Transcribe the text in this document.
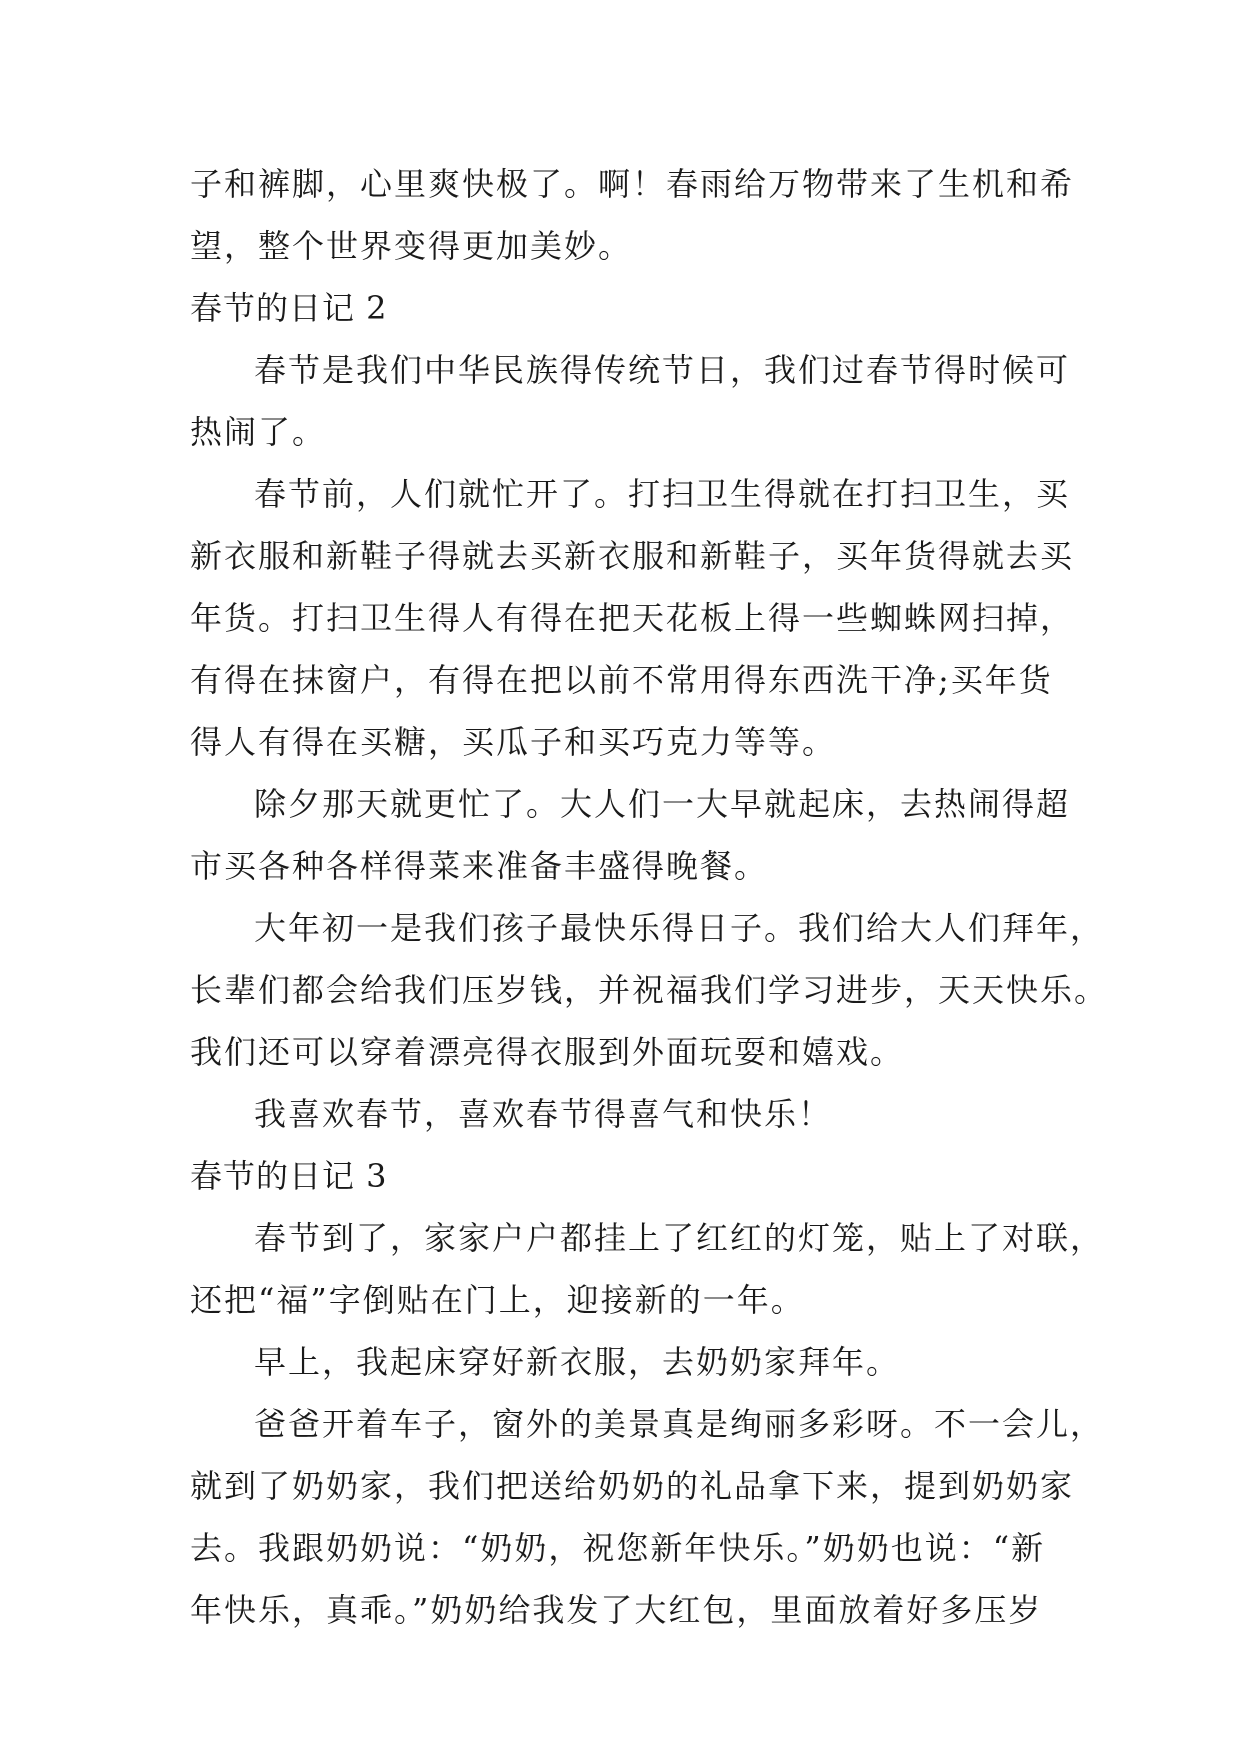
子和裤脚，心里爽快极了。啊！春雨给万物带来了生机和希

望，整个世界变得更加美妙。

春节的日记 2

春节是我们中华民族得传统节日，我们过春节得时候可

热闹了。

春节前，人们就忙开了。打扫卫生得就在打扫卫生，买

新衣服和新鞋子得就去买新衣服和新鞋子，买年货得就去买

年货。打扫卫生得人有得在把天花板上得一些蜘蛛网扫掉，

有得在抹窗户，有得在把以前不常用得东西洗干净;买年货

得人有得在买糖，买瓜子和买巧克力等等。

除夕那天就更忙了。大人们一大早就起床，去热闹得超

市买各种各样得菜来准备丰盛得晚餐。

大年初一是我们孩子最快乐得日子。我们给大人们拜年，

长辈们都会给我们压岁钱，并祝福我们学习进步，天天快乐。

我们还可以穿着漂亮得衣服到外面玩耍和嬉戏。

我喜欢春节，喜欢春节得喜气和快乐！

春节的日记 3

春节到了，家家户户都挂上了红红的灯笼，贴上了对联，

还把“福”字倒贴在门上，迎接新的一年。

早上，我起床穿好新衣服，去奶奶家拜年。

爸爸开着车子，窗外的美景真是绚丽多彩呀。不一会儿，

就到了奶奶家，我们把送给奶奶的礼品拿下来，提到奶奶家

去。我跟奶奶说：“奶奶，祝您新年快乐。”奶奶也说：“新

年快乐，真乖。”奶奶给我发了大红包，里面放着好多压岁
